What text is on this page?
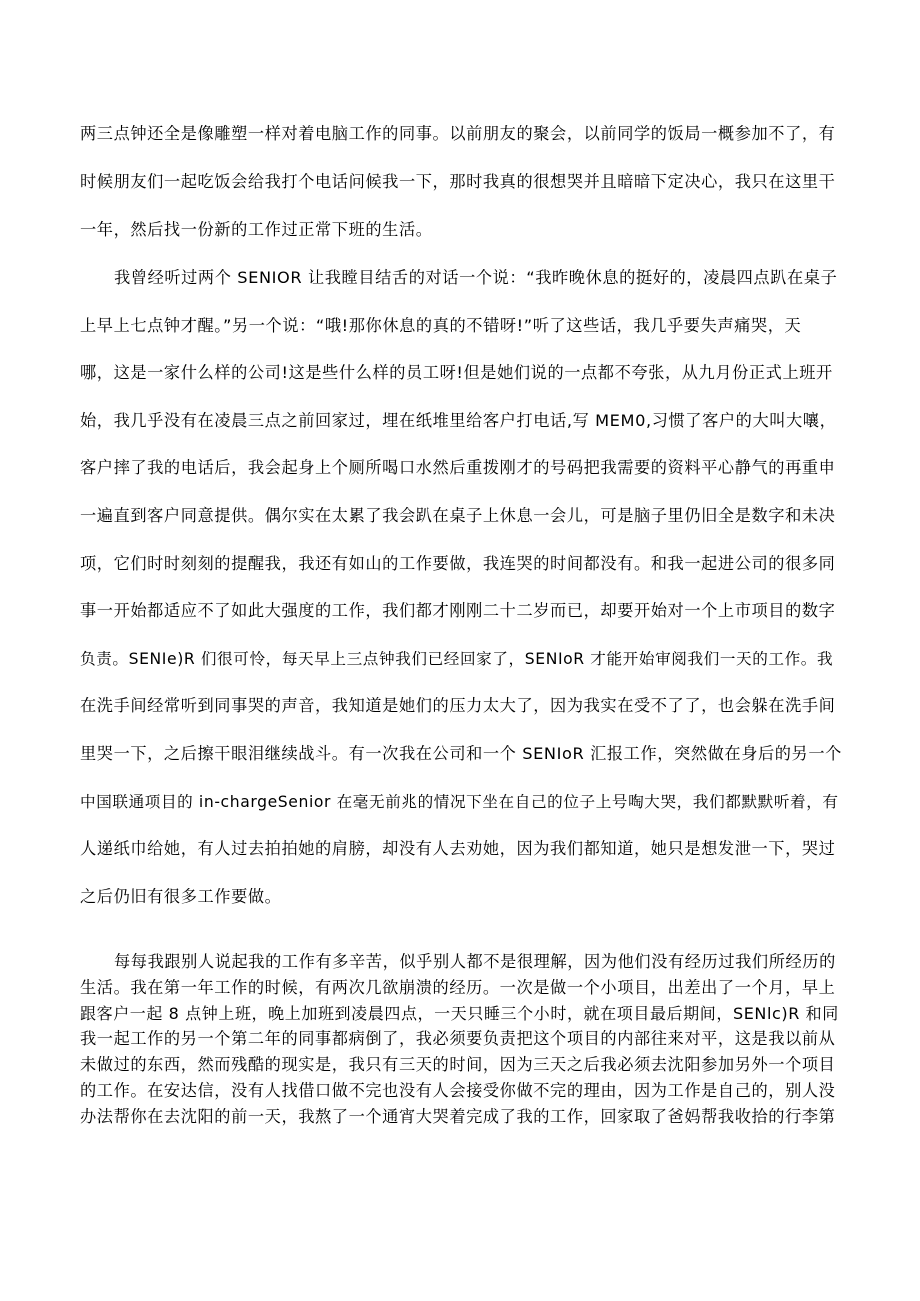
两三点钟还全是像雕塑一样对着电脑工作的同事。以前朋友的聚会，以前同学的饭局一概参加不了，有
时候朋友们一起吃饭会给我打个电话问候我一下，那时我真的很想哭并且暗暗下定决心，我只在这里干
一年，然后找一份新的工作过正常下班的生活。
我曾经听过两个 SENIOR 让我瞠目结舌的对话一个说：“我昨晚休息的挺好的，凌晨四点趴在桌子
上早上七点钟才醒。”另一个说：“哦!那你休息的真的不错呀!”听了这些话，我几乎要失声痛哭，天
哪，这是一家什么样的公司!这是些什么样的员工呀!但是她们说的一点都不夸张，从九月份正式上班开
始，我几乎没有在凌晨三点之前回家过，埋在纸堆里给客户打电话,写 MEM0,习惯了客户的大叫大嚷，
客户摔了我的电话后，我会起身上个厕所喝口水然后重拨刚才的号码把我需要的资料平心静气的再重申
一遍直到客户同意提供。偶尔实在太累了我会趴在桌子上休息一会儿，可是脑子里仍旧全是数字和未决
项，它们时时刻刻的提醒我，我还有如山的工作要做，我连哭的时间都没有。和我一起进公司的很多同
事一开始都适应不了如此大强度的工作，我们都才刚刚二十二岁而已，却要开始对一个上市项目的数字
负责。SENIe)R 们很可怜，每天早上三点钟我们已经回家了，SENIoR 才能开始审阅我们一天的工作。我
在洗手间经常听到同事哭的声音，我知道是她们的压力太大了，因为我实在受不了了，也会躲在洗手间
里哭一下，之后擦干眼泪继续战斗。有一次我在公司和一个 SENIoR 汇报工作，突然做在身后的另一个
中国联通项目的 in-chargeSenior 在毫无前兆的情况下坐在自己的位子上号啕大哭，我们都默默听着，有
人递纸巾给她，有人过去拍拍她的肩膀，却没有人去劝她，因为我们都知道，她只是想发泄一下，哭过
之后仍旧有很多工作要做。
每每我跟别人说起我的工作有多辛苦，似乎别人都不是很理解，因为他们没有经历过我们所经历的
生活。我在第一年工作的时候，有两次几欲崩溃的经历。一次是做一个小项目，出差出了一个月，早上
跟客户一起 8 点钟上班，晚上加班到凌晨四点，一天只睡三个小时，就在项目最后期间，SENlc)R 和同
我一起工作的另一个第二年的同事都病倒了，我必须要负责把这个项目的内部往来对平，这是我以前从
未做过的东西，然而残酷的现实是，我只有三天的时间，因为三天之后我必须去沈阳参加另外一个项目
的工作。在安达信，没有人找借口做不完也没有人会接受你做不完的理由，因为工作是自己的，别人没
办法帮你在去沈阳的前一天，我熬了一个通宵大哭着完成了我的工作，回家取了爸妈帮我收拾的行李第
